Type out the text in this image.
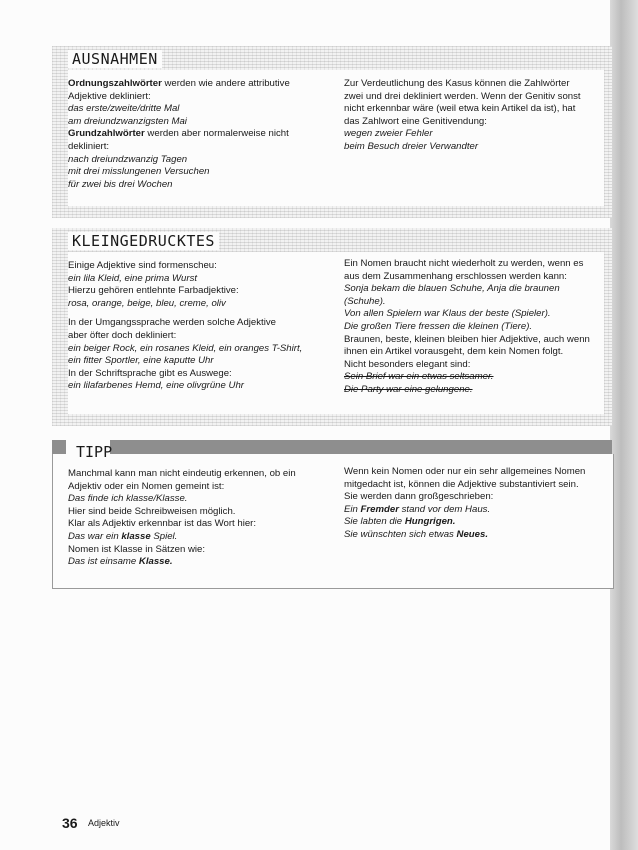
AUSNAHMEN

Ordnungszahlwörter werden wie andere attributive

Adjektive dekliniert:

das erste/zweite/dritte Mal

am dreiundzwanzigsten Mai

Grundzahlwörter werden aber normalerweise nicht

dekliniert:

nach dreiundzwanzig Tagen

mit drei misslungenen Versuchen

für zwei bis drei Wochen

Zur Verdeutlichung des Kasus können die Zahlwörter

zwei und drei dekliniert werden. Wenn der Genitiv sonst

nicht erkennbar wäre (weil etwa kein Artikel da ist), hat

das Zahlwort eine Genitivendung:

wegen zweier Fehler

beim Besuch dreier Verwandter

KLEINGEDRUCKTES

Einige Adjektive sind formenscheu:

ein lila Kleid, eine prima Wurst

Hierzu gehören entlehnte Farbadjektive:

rosa, orange, beige, bleu, creme, oliv

In der Umgangssprache werden solche Adjektive

aber öfter doch dekliniert:

ein beiger Rock, ein rosanes Kleid, ein oranges T-Shirt,

ein fitter Sportler, eine kaputte Uhr

In der Schriftsprache gibt es Auswege:

ein lilafarbenes Hemd, eine olivgrüne Uhr

Ein Nomen braucht nicht wiederholt zu werden, wenn es

aus dem Zusammenhang erschlossen werden kann:

Sonja bekam die blauen Schuhe, Anja die braunen

(Schuhe).

Von allen Spielern war Klaus der beste (Spieler).

Die großen Tiere fressen die kleinen (Tiere).

Braunen, beste, kleinen bleiben hier Adjektive, auch wenn

ihnen ein Artikel vorausgeht, dem kein Nomen folgt.

Nicht besonders elegant sind:

Sein Brief war ein etwas seltsamer.

Die Party war eine gelungene.

TIPP

Manchmal kann man nicht eindeutig erkennen, ob ein

Adjektiv oder ein Nomen gemeint ist:

Das finde ich klasse/Klasse.

Hier sind beide Schreibweisen möglich.

Klar als Adjektiv erkennbar ist das Wort hier:

Das war ein klasse Spiel.

Nomen ist Klasse in Sätzen wie:

Das ist einsame Klasse.

Wenn kein Nomen oder nur ein sehr allgemeines Nomen

mitgedacht ist, können die Adjektive substantiviert sein.

Sie werden dann großgeschrieben:

Ein Fremder stand vor dem Haus.

Sie labten die Hungrigen.

Sie wünschten sich etwas Neues.

36 Adjektiv
